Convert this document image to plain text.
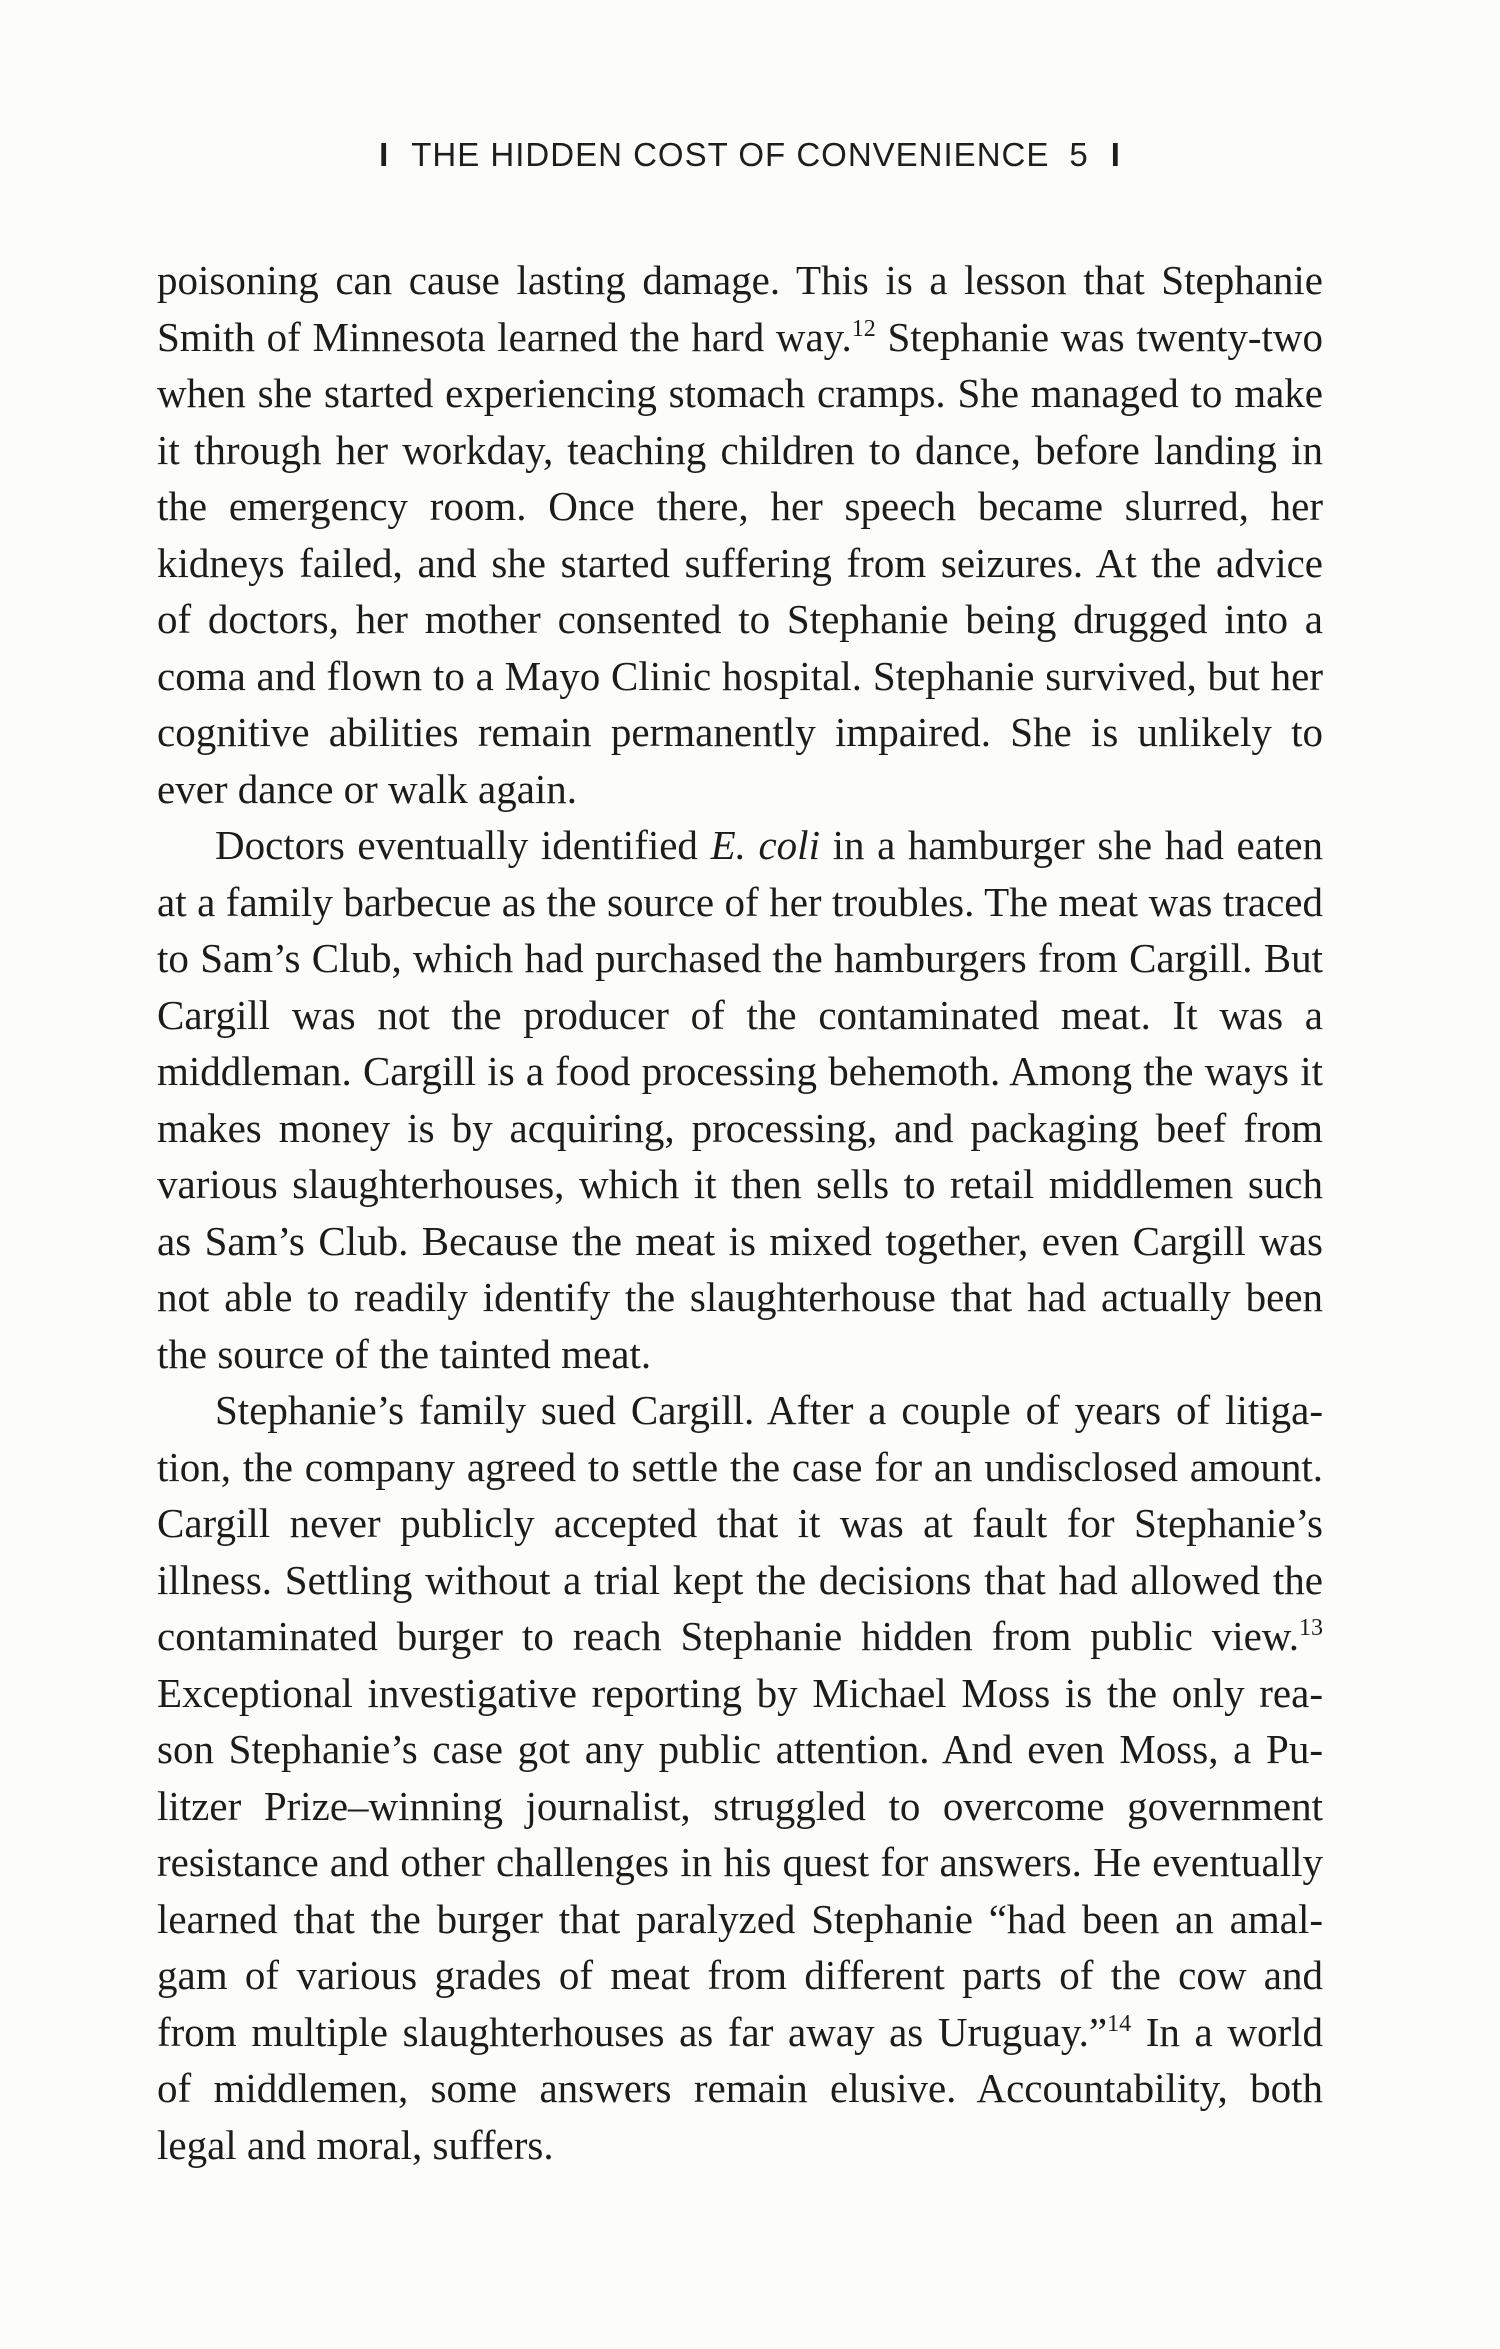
I THE HIDDEN COST OF CONVENIENCE 5 I

poisoning can cause lasting damage. This is a lesson that Stephanie Smith of Minnesota learned the hard way.$^{12}$ Stephanie was twenty-two when she started experiencing stomach cramps. She managed to make it through her workday, teaching children to dance, before landing in the emergency room. Once there, her speech became slurred, her kidneys failed, and she started suffering from seizures. At the advice of doctors, her mother consented to Stephanie being drugged into a coma and flown to a Mayo Clinic hospital. Stephanie survived, but her cognitive abilities remain permanently impaired. She is unlikely to ever dance or walk again.

Doctors eventually identified E. coli in a hamburger she had eaten at a family barbecue as the source of her troubles. The meat was traced to Sam’s Club, which had purchased the hamburgers from Cargill. But Cargill was not the producer of the contaminated meat. It was a middleman. Cargill is a food processing behemoth. Among the ways it makes money is by acquiring, processing, and packaging beef from various slaughterhouses, which it then sells to retail middlemen such as Sam’s Club. Because the meat is mixed together, even Cargill was not able to readily identify the slaughterhouse that had actually been the source of the tainted meat.

Stephanie’s family sued Cargill. After a couple of years of litigation, the company agreed to settle the case for an undisclosed amount. Cargill never publicly accepted that it was at fault for Stephanie’s illness. Settling without a trial kept the decisions that had allowed the contaminated burger to reach Stephanie hidden from public view.$^{13}$ Exceptional investigative reporting by Michael Moss is the only reason Stephanie’s case got any public attention. And even Moss, a Pulitzer Prize–winning journalist, struggled to overcome government resistance and other challenges in his quest for answers. He eventually learned that the burger that paralyzed Stephanie “had been an amalgam of various grades of meat from different parts of the cow and from multiple slaughterhouses as far away as Uruguay.”$^{14}$ In a world of middlemen, some answers remain elusive. Accountability, both legal and moral, suffers.
